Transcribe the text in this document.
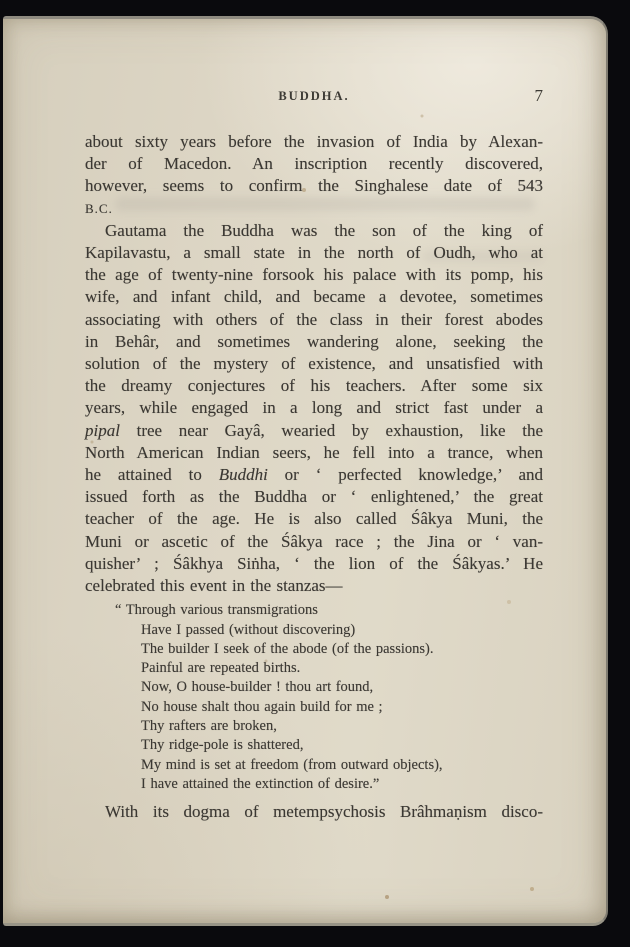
BUDDHA.	7
about sixty years before the invasion of India by Alexan-
der of Macedon. An inscription recently discovered,
however, seems to confirm the Singhalese date of 543
B.C.
Gautama the Buddha was the son of the king of
Kapilavastu, a small state in the north of Oudh, who at
the age of twenty-nine forsook his palace with its pomp, his
wife, and infant child, and became a devotee, sometimes
associating with others of the class in their forest abodes
in Behâr, and sometimes wandering alone, seeking the
solution of the mystery of existence, and unsatisfied with
the dreamy conjectures of his teachers. After some six
years, while engaged in a long and strict fast under a
pipal tree near Gayâ, wearied by exhaustion, like the
North American Indian seers, he fell into a trance, when
he attained to Buddhi or ‘ perfected knowledge,’ and
issued forth as the Buddha or ‘ enlightened,’ the great
teacher of the age. He is also called Śâkya Muni, the
Muni or ascetic of the Śâkya race ; the Jina or ‘ van-
quisher’ ; Śâkhya Siṅha, ‘ the lion of the Śâkyas.’ He
celebrated this event in the stanzas—
“ Through various transmigrations
Have I passed (without discovering)
The builder I seek of the abode (of the passions).
Painful are repeated births.
Now, O house-builder ! thou art found,
No house shalt thou again build for me ;
Thy rafters are broken,
Thy ridge-pole is shattered,
My mind is set at freedom (from outward objects),
I have attained the extinction of desire.”
With its dogma of metempsychosis Brâhmaṇism disco-
